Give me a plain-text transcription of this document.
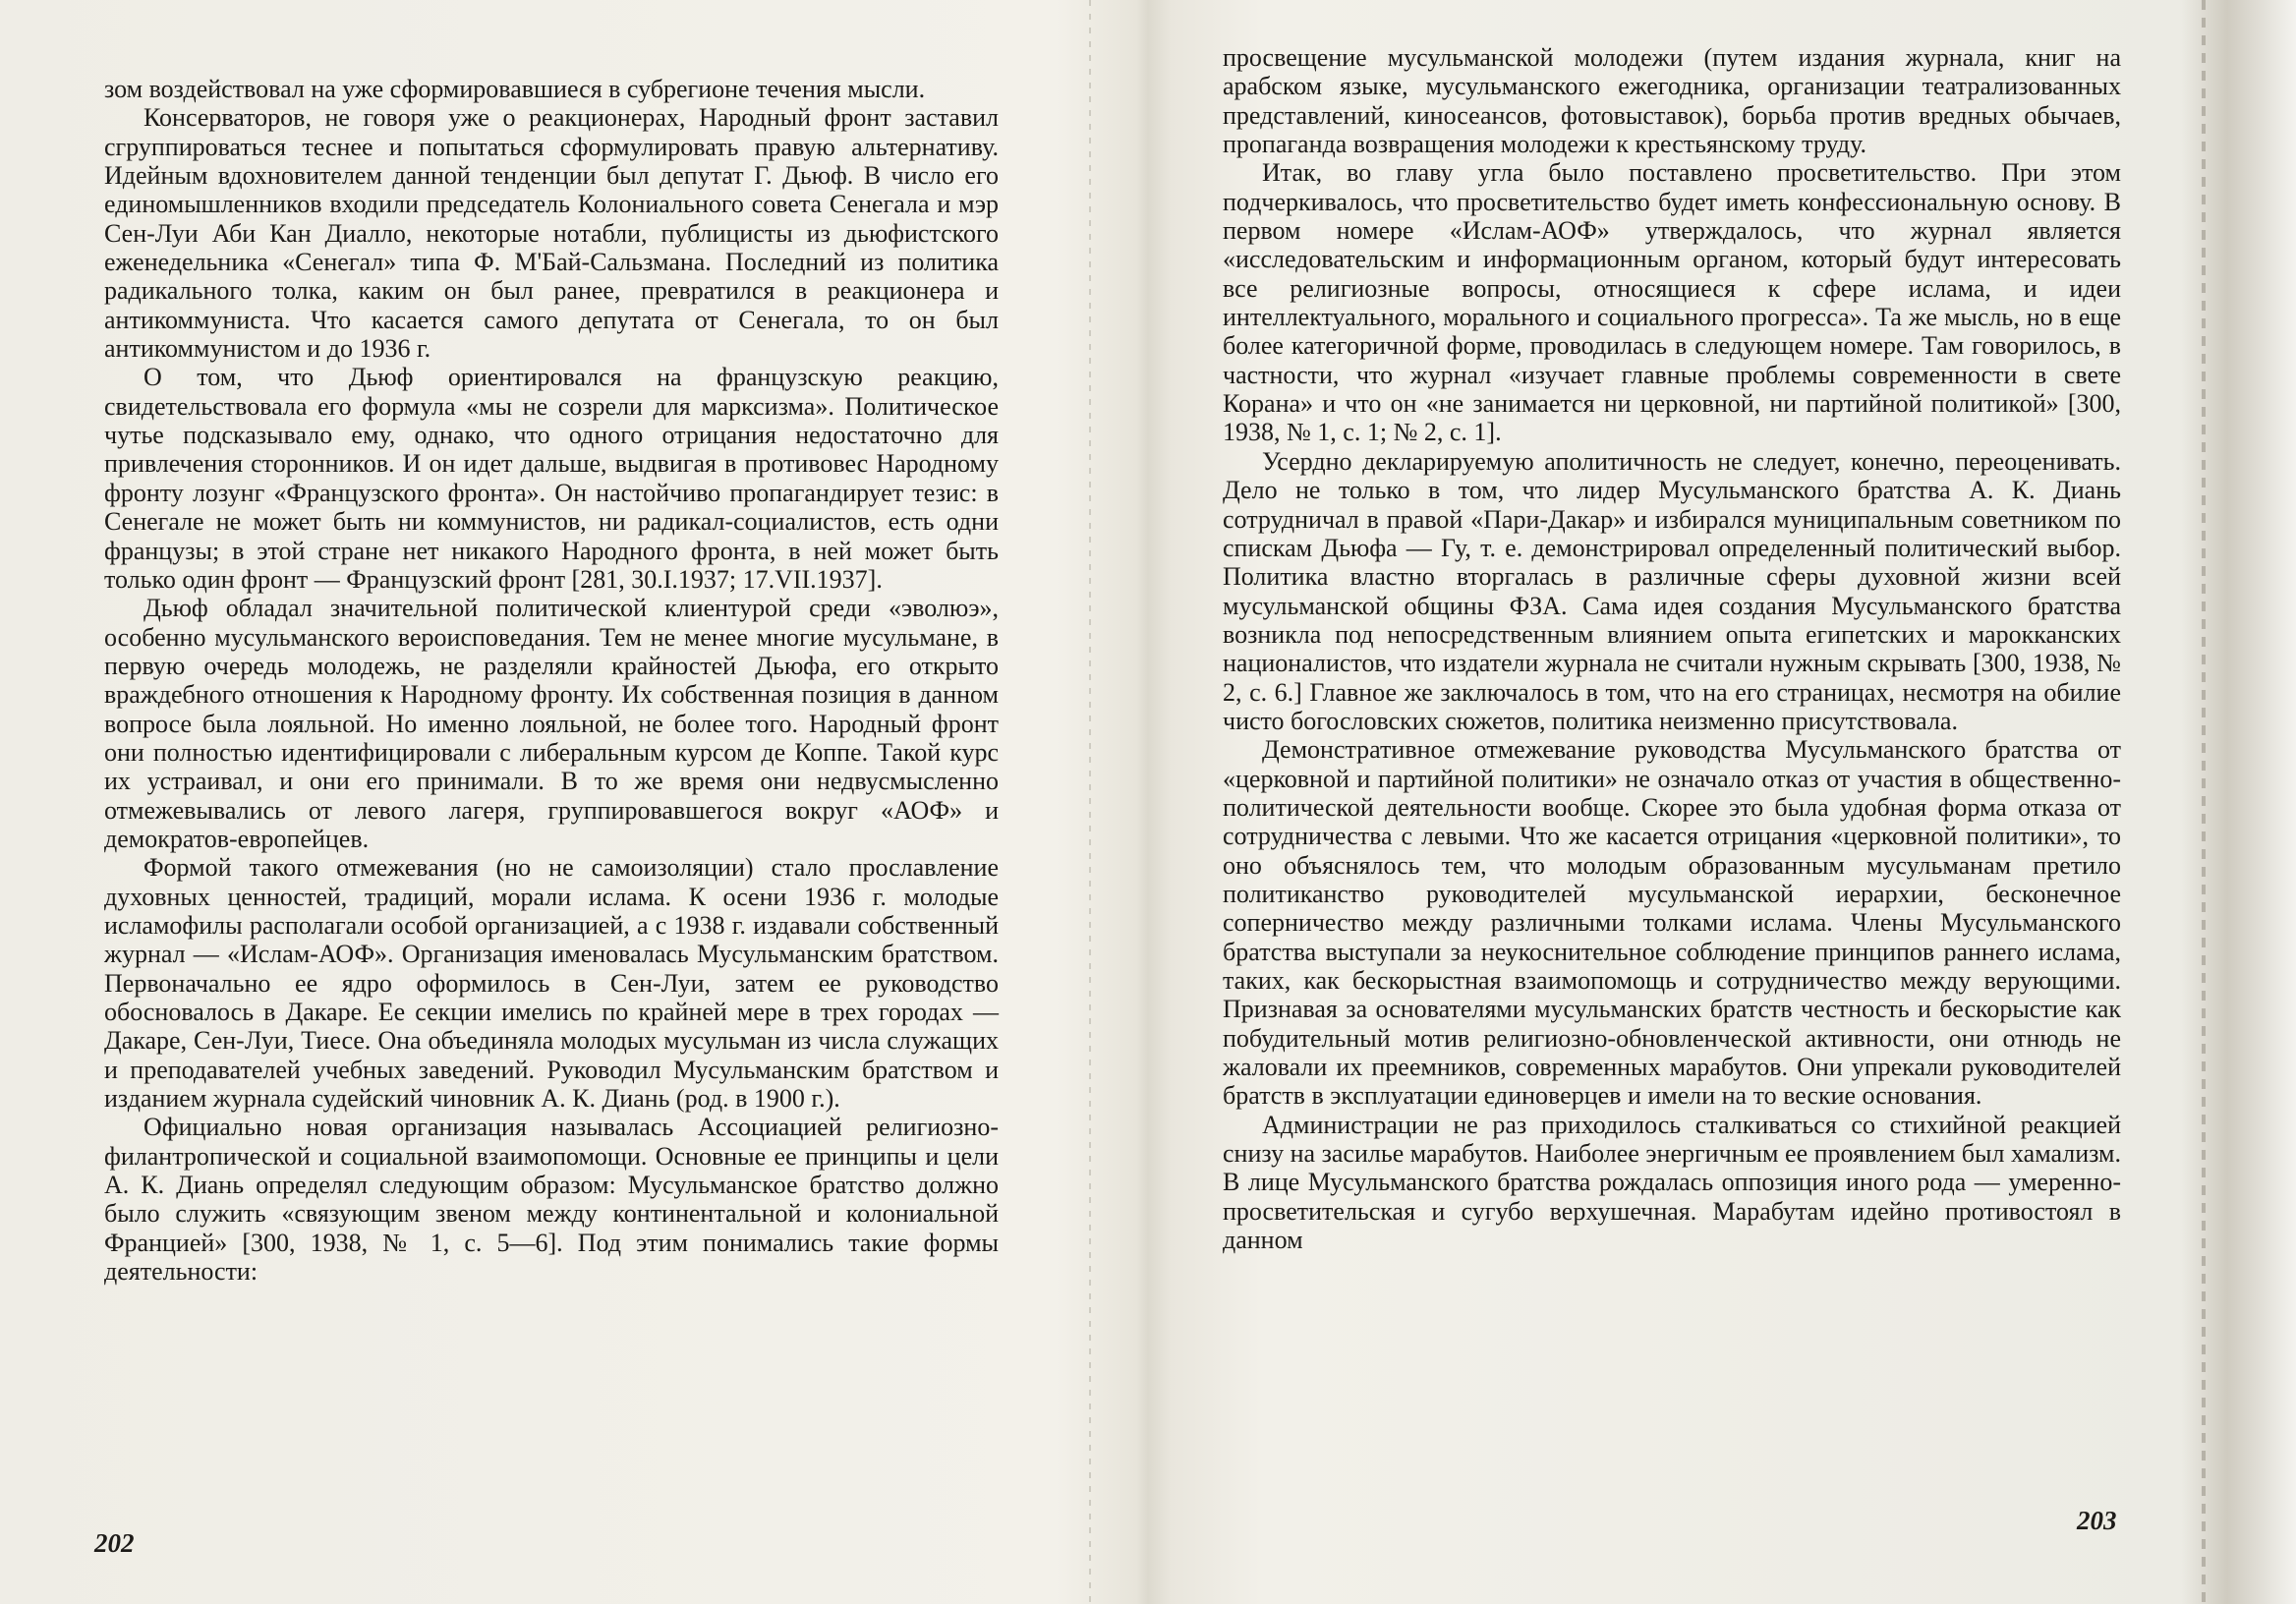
зом воздействовал на уже сформировавшиеся в субрегионе течения мысли.

Консерваторов, не говоря уже о реакционерах, Народный фронт заставил сгруппироваться теснее и попытаться сформулировать правую альтернативу. Идейным вдохновителем данной тенденции был депутат Г. Дьюф. В число его единомышленников входили председатель Колониального совета Сенегала и мэр Сен-Луи Аби Кан Диалло, некоторые нотабли, публицисты из дьюфистского еженедельника «Сенегал» типа Ф. М'Бай-Сальзмана. Последний из политика радикального толка, каким он был ранее, превратился в реакционера и антикоммуниста. Что касается самого депутата от Сенегала, то он был антикоммунистом и до 1936 г.

О том, что Дьюф ориентировался на французскую реакцию, свидетельствовала его формула «мы не созрели для марксизма». Политическое чутье подсказывало ему, однако, что одного отрицания недостаточно для привлечения сторонников. И он идет дальше, выдвигая в противовес Народному фронту лозунг «Французского фронта». Он настойчиво пропагандирует тезис: в Сенегале не может быть ни коммунистов, ни радикал-социалистов, есть одни французы; в этой стране нет никакого Народного фронта, в ней может быть только один фронт — Французский фронт [281, 30.I.1937; 17.VII.1937].

Дьюф обладал значительной политической клиентурой среди «эволюэ», особенно мусульманского вероисповедания. Тем не менее многие мусульмане, в первую очередь молодежь, не разделяли крайностей Дьюфа, его открыто враждебного отношения к Народному фронту. Их собственная позиция в данном вопросе была лояльной. Но именно лояльной, не более того. Народный фронт они полностью идентифицировали с либеральным курсом де Коппе. Такой курс их устраивал, и они его принимали. В то же время они недвусмысленно отмежевывались от левого лагеря, группировавшегося вокруг «АОФ» и демократов-европейцев.

Формой такого отмежевания (но не самоизоляции) стало прославление духовных ценностей, традиций, морали ислама. К осени 1936 г. молодые исламофилы располагали особой организацией, а с 1938 г. издавали собственный журнал — «Ислам-АОФ». Организация именовалась Мусульманским братством. Первоначально ее ядро оформилось в Сен-Луи, затем ее руководство обосновалось в Дакаре. Ее секции имелись по крайней мере в трех городах — Дакаре, Сен-Луи, Тиесе. Она объединяла молодых мусульман из числа служащих и преподавателей учебных заведений. Руководил Мусульманским братством и изданием журнала судейский чиновник А. К. Диань (род. в 1900 г.).

Официально новая организация называлась Ассоциацией религиозно-филантропической и социальной взаимопомощи. Основные ее принципы и цели А. К. Диань определял следующим образом: Мусульманское братство должно было служить «связующим звеном между континентальной и колониальной Францией» [300, 1938, № 1, с. 5—6]. Под этим понимались такие формы деятельности:

202

просвещение мусульманской молодежи (путем издания журнала, книг на арабском языке, мусульманского ежегодника, организации театрализованных представлений, киносеансов, фотовыставок), борьба против вредных обычаев, пропаганда возвращения молодежи к крестьянскому труду.

Итак, во главу угла было поставлено просветительство. При этом подчеркивалось, что просветительство будет иметь конфессиональную основу. В первом номере «Ислам-АОФ» утверждалось, что журнал является «исследовательским и информационным органом, который будут интересовать все религиозные вопросы, относящиеся к сфере ислама, и идеи интеллектуального, морального и социального прогресса». Та же мысль, но в еще более категоричной форме, проводилась в следующем номере. Там говорилось, в частности, что журнал «изучает главные проблемы современности в свете Корана» и что он «не занимается ни церковной, ни партийной политикой» [300, 1938, № 1, с. 1; № 2, с. 1].

Усердно декларируемую аполитичность не следует, конечно, переоценивать. Дело не только в том, что лидер Мусульманского братства А. К. Диань сотрудничал в правой «Пари-Дакар» и избирался муниципальным советником по спискам Дьюфа — Гу, т. е. демонстрировал определенный политический выбор. Политика властно вторгалась в различные сферы духовной жизни всей мусульманской общины ФЗА. Сама идея создания Мусульманского братства возникла под непосредственным влиянием опыта египетских и марокканских националистов, что издатели журнала не считали нужным скрывать [300, 1938, № 2, с. 6.] Главное же заключалось в том, что на его страницах, несмотря на обилие чисто богословских сюжетов, политика неизменно присутствовала.

Демонстративное отмежевание руководства Мусульманского братства от «церковной и партийной политики» не означало отказ от участия в общественно-политической деятельности вообще. Скорее это была удобная форма отказа от сотрудничества с левыми. Что же касается отрицания «церковной политики», то оно объяснялось тем, что молодым образованным мусульманам претило политиканство руководителей мусульманской иерархии, бесконечное соперничество между различными толками ислама. Члены Мусульманского братства выступали за неукоснительное соблюдение принципов раннего ислама, таких, как бескорыстная взаимопомощь и сотрудничество между верующими. Признавая за основателями мусульманских братств честность и бескорыстие как побудительный мотив религиозно-обновленческой активности, они отнюдь не жаловали их преемников, современных марабутов. Они упрекали руководителей братств в эксплуатации единоверцев и имели на то веские основания.

Администрации не раз приходилось сталкиваться со стихийной реакцией снизу на засилье марабутов. Наиболее энергичным ее проявлением был хамализм. В лице Мусульманского братства рождалась оппозиция иного рода — умеренно-просветительская и сугубо верхушечная. Марабутам идейно противостоял в данном

203
